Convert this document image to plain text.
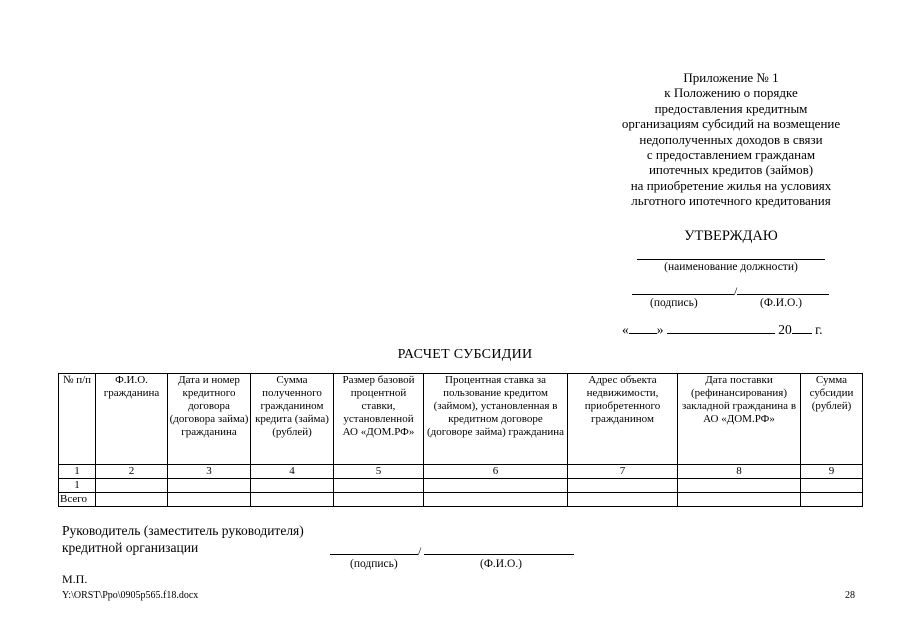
Приложение № 1
к Положению о порядке
предоставления кредитным
организациям субсидий на возмещение
недополученных доходов в связи
с предоставлением гражданам
ипотечных кредитов (займов)
на приобретение жилья на условиях
льготного ипотечного кредитования
УТВЕРЖДАЮ
(наименование должности)
/
(подпись)	(Ф.И.О.)
« »	20 г.
РАСЧЕТ СУБСИДИИ
№ п/п	Ф.И.О. гражданина	Дата и номер кредитного договора (договора займа) гражданина	Сумма полученного гражданином кредита (займа) (рублей)	Размер базовой процентной ставки, установленной АО «ДОМ.РФ»	Процентная ставка за пользование кредитом (займом), установленная в кредитном договоре (договоре займа) гражданина	Адрес объекта недвижимости, приобретенного гражданином	Дата поставки (рефинансирования) закладной гражданина в АО «ДОМ.РФ»	Сумма субсидии (рублей)
1	2	3	4	5	6	7	8	9
1								
Всего								
Руководитель (заместитель руководителя)
кредитной организации	/
(подпись)	(Ф.И.О.)
М.П.
Y:\ORST\Ppo\0905p565.f18.docx	28
